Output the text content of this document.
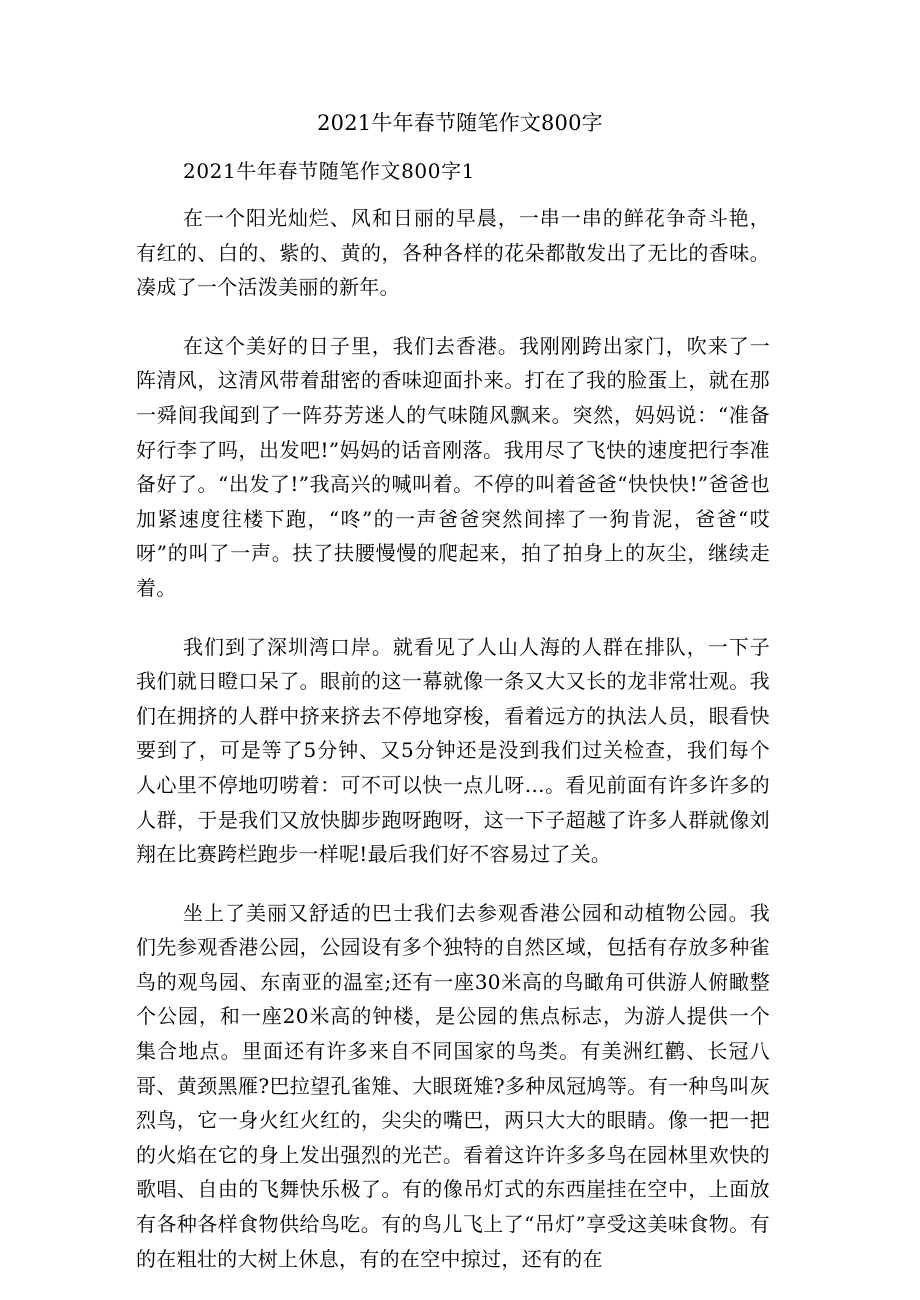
2021牛年春节随笔作文800字
2021牛年春节随笔作文800字1

在一个阳光灿烂、风和日丽的早晨，一串一串的鲜花争奇斗艳，有红的、白的、紫的、黄的，各种各样的花朵都散发出了无比的香味。凑成了一个活泼美丽的新年。

在这个美好的日子里，我们去香港。我刚刚跨出家门，吹来了一阵清风，这清风带着甜密的香味迎面扑来。打在了我的脸蛋上，就在那一舜间我闻到了一阵芬芳迷人的气味随风飘来。突然，妈妈说：“准备好行李了吗，出发吧!”妈妈的话音刚落。我用尽了飞快的速度把行李准备好了。“出发了!”我高兴的喊叫着。不停的叫着爸爸“快快快!”爸爸也加紧速度往楼下跑，“咚”的一声爸爸突然间摔了一狗肯泥，爸爸“哎呀”的叫了一声。扶了扶腰慢慢的爬起来，拍了拍身上的灰尘，继续走着。

我们到了深圳湾口岸。就看见了人山人海的人群在排队，一下子我们就日瞪口呆了。眼前的这一幕就像一条又大又长的龙非常壮观。我们在拥挤的人群中挤来挤去不停地穿梭，看着远方的执法人员，眼看快要到了，可是等了5分钟、又5分钟还是没到我们过关检查，我们每个人心里不停地叨唠着：可不可以快一点儿呀…。看见前面有许多许多的人群，于是我们又放快脚步跑呀跑呀，这一下子超越了许多人群就像刘翔在比赛跨栏跑步一样呢!最后我们好不容易过了关。

坐上了美丽又舒适的巴士我们去参观香港公园和动植物公园。我们先参观香港公园，公园设有多个独特的自然区域，包括有存放多种雀鸟的观鸟园、东南亚的温室;还有一座30米高的鸟瞰角可供游人俯瞰整个公园，和一座20米高的钟楼，是公园的焦点标志，为游人提供一个集合地点。里面还有许多来自不同国家的鸟类。有美洲红鹳、长冠八哥、黄颈黑雁?巴拉望孔雀雉、大眼斑雉?多种凤冠鸠等。有一种鸟叫灰烈鸟，它一身火红火红的，尖尖的嘴巴，两只大大的眼睛。像一把一把的火焰在它的身上发出强烈的光芒。看着这许许多多鸟在园林里欢快的歌唱、自由的飞舞快乐极了。有的像吊灯式的东西崖挂在空中，上面放有各种各样食物供给鸟吃。有的鸟儿飞上了“吊灯”享受这美味食物。有的在粗壮的大树上休息，有的在空中掠过，还有的在
